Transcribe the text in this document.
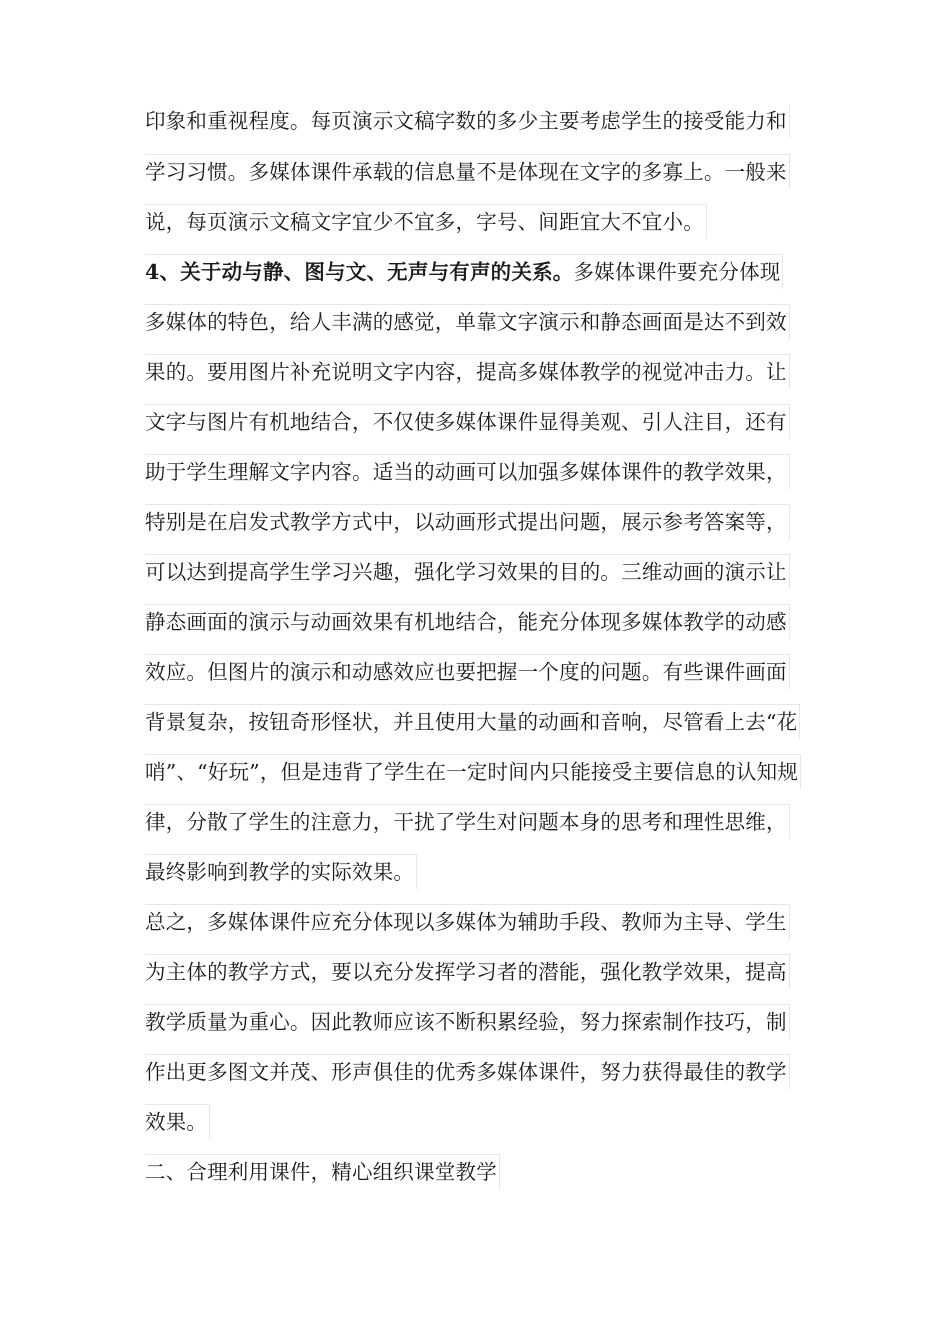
印象和重视程度。每页演示文稿字数的多少主要考虑学生的接受能力和
学习习惯。多媒体课件承载的信息量不是体现在文字的多寡上。一般来
说，每页演示文稿文字宜少不宜多，字号、间距宜大不宜小。
4、关于动与静、图与文、无声与有声的关系。多媒体课件要充分体现
多媒体的特色，给人丰满的感觉，单靠文字演示和静态画面是达不到效
果的。要用图片补充说明文字内容，提高多媒体教学的视觉冲击力。让
文字与图片有机地结合，不仅使多媒体课件显得美观、引人注目，还有
助于学生理解文字内容。适当的动画可以加强多媒体课件的教学效果，
特别是在启发式教学方式中，以动画形式提出问题，展示参考答案等，
可以达到提高学生学习兴趣，强化学习效果的目的。三维动画的演示让
静态画面的演示与动画效果有机地结合，能充分体现多媒体教学的动感
效应。但图片的演示和动感效应也要把握一个度的问题。有些课件画面
背景复杂，按钮奇形怪状，并且使用大量的动画和音响，尽管看上去“花
哨”、“好玩”，但是违背了学生在一定时间内只能接受主要信息的认知规
律，分散了学生的注意力，干扰了学生对问题本身的思考和理性思维，
最终影响到教学的实际效果。
总之，多媒体课件应充分体现以多媒体为辅助手段、教师为主导、学生
为主体的教学方式，要以充分发挥学习者的潜能，强化教学效果，提高
教学质量为重心。因此教师应该不断积累经验，努力探索制作技巧，制
作出更多图文并茂、形声俱佳的优秀多媒体课件，努力获得最佳的教学
效果。
二、合理利用课件，精心组织课堂教学
